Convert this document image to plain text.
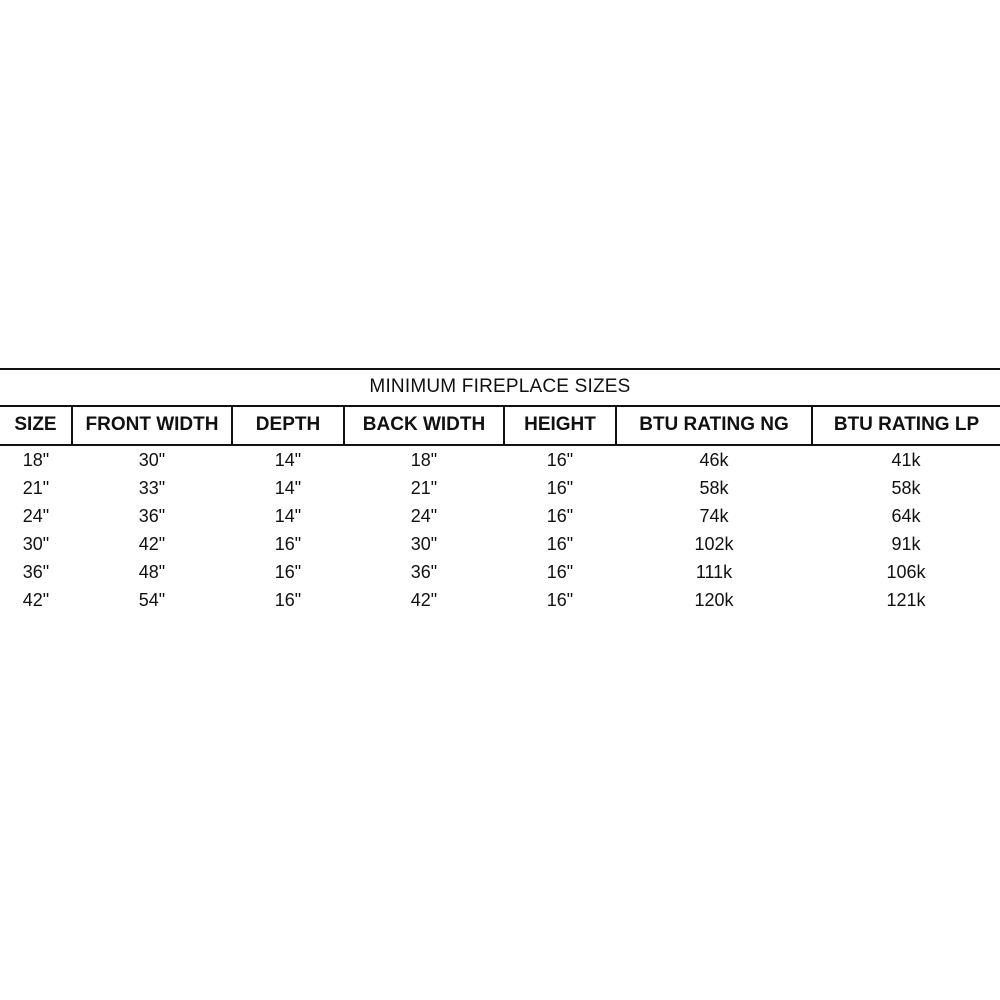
MINIMUM FIREPLACE SIZES
SIZE	FRONT WIDTH	DEPTH	BACK WIDTH	HEIGHT	BTU RATING NG	BTU RATING LP
18"	30"	14"	18"	16"	46k	41k
21"	33"	14"	21"	16"	58k	58k
24"	36"	14"	24"	16"	74k	64k
30"	42"	16"	30"	16"	102k	91k
36"	48"	16"	36"	16"	111k	106k
42"	54"	16"	42"	16"	120k	121k
